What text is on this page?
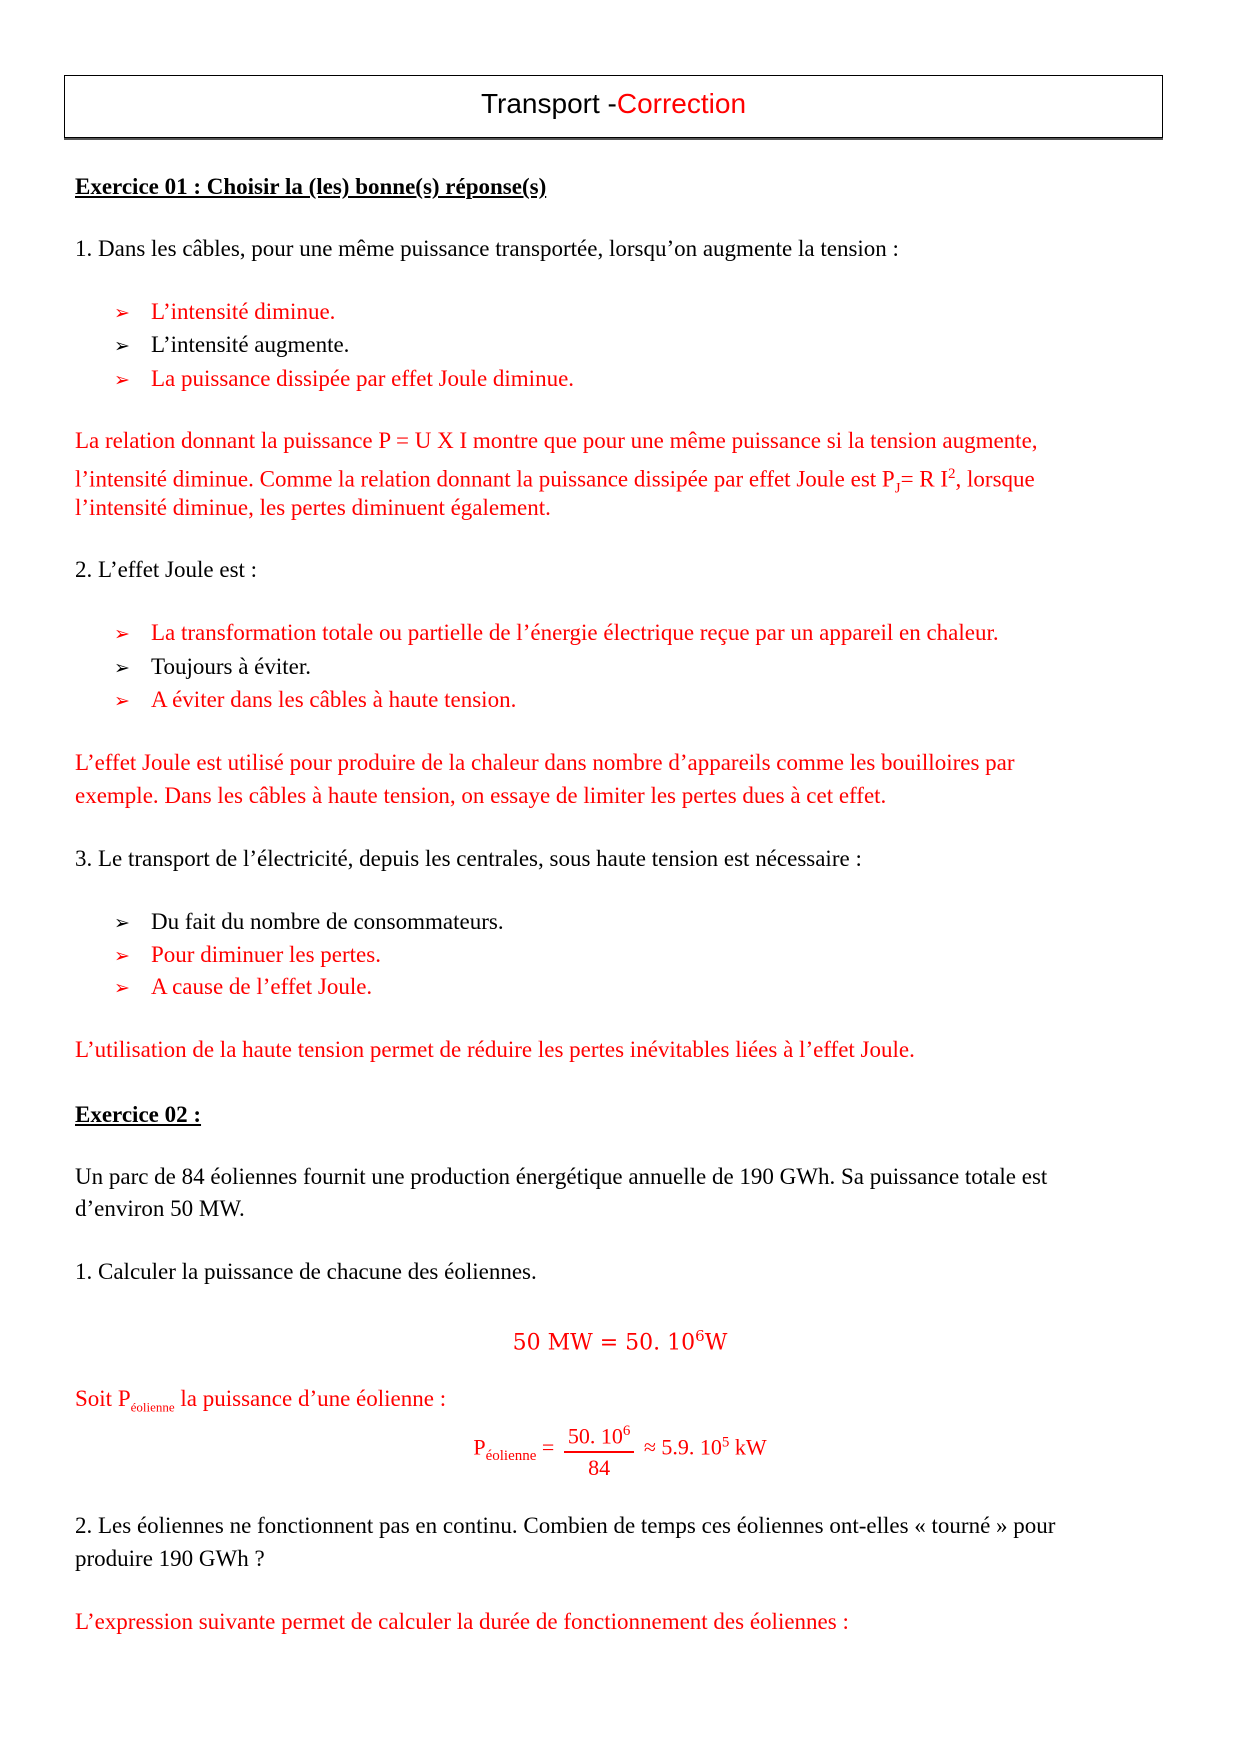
Transport -Correction
Exercice 01 : Choisir la (les) bonne(s) réponse(s)
1. Dans les câbles, pour une même puissance transportée, lorsqu’on augmente la tension :
➢ L’intensité diminue.
➢ L’intensité augmente.
➢ La puissance dissipée par effet Joule diminue.
La relation donnant la puissance P = U X I montre que pour une même puissance si la tension augmente,
l’intensité diminue. Comme la relation donnant la puissance dissipée par effet Joule est $P_J= R$ $I^2$, lorsque
l’intensité diminue, les pertes diminuent également.
2. L’effet Joule est :
➢ La transformation totale ou partielle de l’énergie électrique reçue par un appareil en chaleur.
➢ Toujours à éviter.
➢ A éviter dans les câbles à haute tension.
L’effet Joule est utilisé pour produire de la chaleur dans nombre d’appareils comme les bouilloires par
exemple. Dans les câbles à haute tension, on essaye de limiter les pertes dues à cet effet.
3. Le transport de l’électricité, depuis les centrales, sous haute tension est nécessaire :
➢ Du fait du nombre de consommateurs.
➢ Pour diminuer les pertes.
➢ A cause de l’effet Joule.
L’utilisation de la haute tension permet de réduire les pertes inévitables liées à l’effet Joule.
Exercice 02 :
Un parc de 84 éoliennes fournit une production énergétique annuelle de 190 GWh. Sa puissance totale est
d’environ 50 MW.
1. Calculer la puissance de chacune des éoliennes.
50 MW = 50. $10^6W$
Soit $P_{éolienne}$ la puissance d’une éolienne :
$P_{éolienne} = \frac{50. 10^6}{84} \approx 5.9$. $10^5$ kW
2. Les éoliennes ne fonctionnent pas en continu. Combien de temps ces éoliennes ont-elles « tourné » pour
produire 190 GWh ?
L’expression suivante permet de calculer la durée de fonctionnement des éoliennes :
